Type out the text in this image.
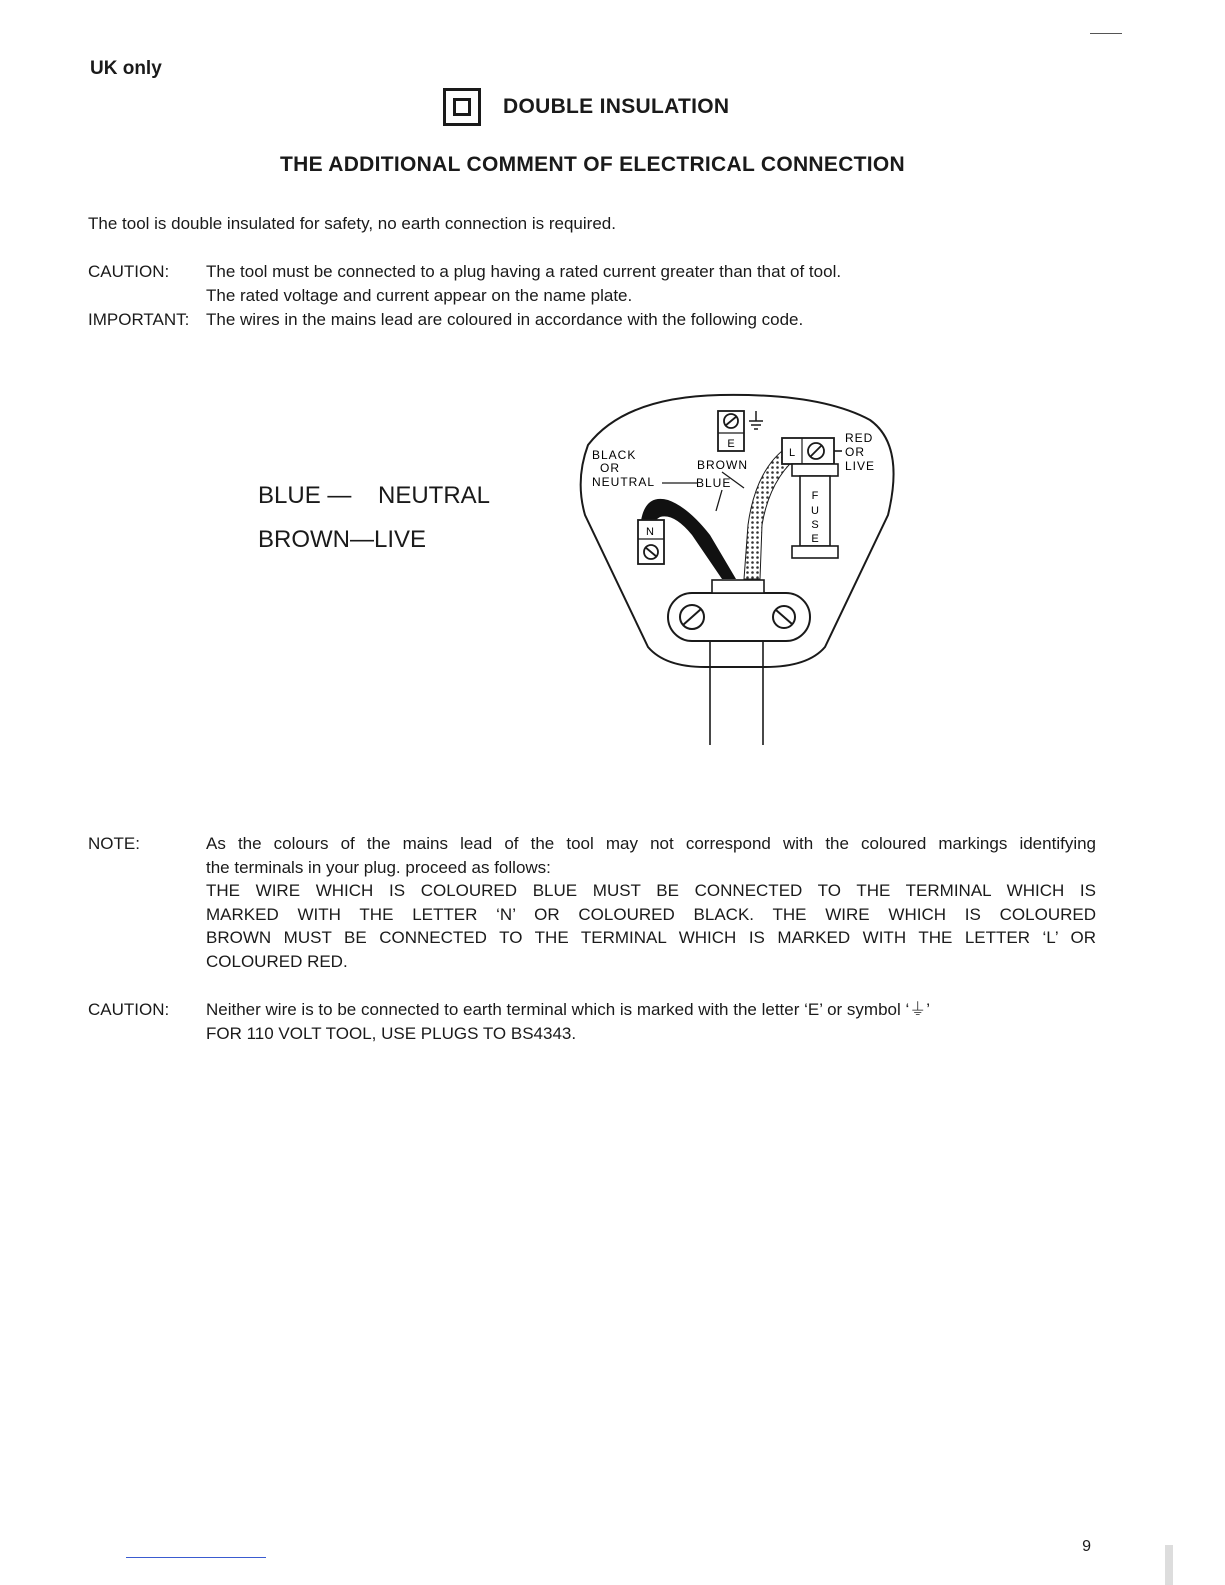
UK only
DOUBLE INSULATION
THE ADDITIONAL COMMENT OF ELECTRICAL CONNECTION
The tool is double insulated for safety, no earth connection is required.
CAUTION: The tool must be connected to a plug having a rated current greater than that of tool.
The rated voltage and current appear on the name plate.
IMPORTANT: The wires in the mains lead are coloured in accordance with the following code.
BLUE —	NEUTRAL
BROWN— LIVE
E
L
F
U
S
E
N
BLACK
OR
NEUTRAL
BROWN
BLUE
RED
OR
LIVE
NOTE:	As the colours of the mains lead of the tool may not correspond with the coloured markings identifying
the terminals in your plug. proceed as follows:
THE WIRE WHICH IS COLOURED BLUE MUST BE CONNECTED TO THE TERMINAL WHICH IS
MARKED WITH THE LETTER ‘N’ OR COLOURED BLACK. THE WIRE WHICH IS COLOURED
BROWN MUST BE CONNECTED TO THE TERMINAL WHICH IS MARKED WITH THE LETTER ‘L’ OR
COLOURED RED.
CAUTION: Neither wire is to be connected to earth terminal which is marked with the letter ‘E’ or symbol ‘⏚’
FOR 110 VOLT TOOL, USE PLUGS TO BS4343.
9
